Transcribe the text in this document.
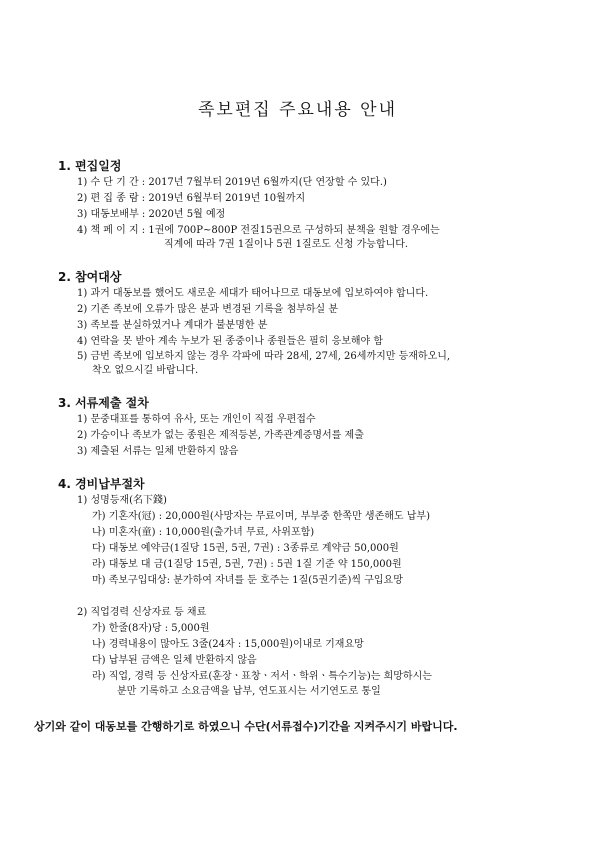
족보편집 주요내용 안내
1. 편집일정
1) 수 단 기 간 : 2017년 7월부터 2019년 6월까지(단 연장할 수 있다.)
2) 편 집 종 람 : 2019년 6월부터 2019년 10월까지
3) 대동보배부 : 2020년 5월 예정
4) 책 페 이 지 : 1권에 700P~800P 전질15권으로 구성하되 분책을 원할 경우에는
직계에 따라 7권 1질이나 5권 1질로도 신청 가능합니다.
2. 참여대상
1) 과거 대동보를 했어도 새로운 세대가 태어나므로 대동보에 입보하여야 합니다.
2) 기존 족보에 오류가 많은 분과 변경된 기록을 첨부하실 분
3) 족보를 분실하였거나 계대가 불분명한 분
4) 연락을 못 받아 계속 누보가 된 종중이나 종원들은 필히 응보해야 함
5) 금번 족보에 입보하지 않는 경우 각파에 따라 28세, 27세, 26세까지만 등재하오니,
착오 없으시길 바랍니다.
3. 서류제출 절차
1) 문중대표를 통하여 유사, 또는 개인이 직접 우편접수
2) 가승이나 족보가 없는 종원은 제적등본, 가족관계증명서를 제출
3) 제출된 서류는 일체 반환하지 않음
4. 경비납부절차
1) 성명등재(名下錢)
가) 기혼자(冠) : 20,000원(사망자는 무료이며, 부부중 한쪽만 생존해도 납부)
나) 미혼자(童) : 10,000원(출가녀 무료, 사위포함)
다) 대동보 예약금(1질당 15권, 5권, 7권) : 3종류로 계약금 50,000원
라) 대동보 대 금(1질당 15권, 5권, 7권) : 5권 1질 기준 약 150,000원
마) 족보구입대상: 분가하여 자녀를 둔 호주는 1질(5권기준)씩 구입요망
2) 직업경력 신상자료 등 채료
가) 한줄(8자)당 : 5,000원
나) 경력내용이 많아도 3줄(24자 : 15,000원)이내로 기재요망
다) 납부된 금액은 일체 반환하지 않음
라) 직업, 경력 등 신상자료(훈장ㆍ표창ㆍ저서ㆍ학위ㆍ특수기능)는 희망하시는
분만 기록하고 소요금액을 납부, 연도표시는 서기연도로 통일
상기와 같이 대동보를 간행하기로 하였으니 수단(서류접수)기간을 지켜주시기 바랍니다.
